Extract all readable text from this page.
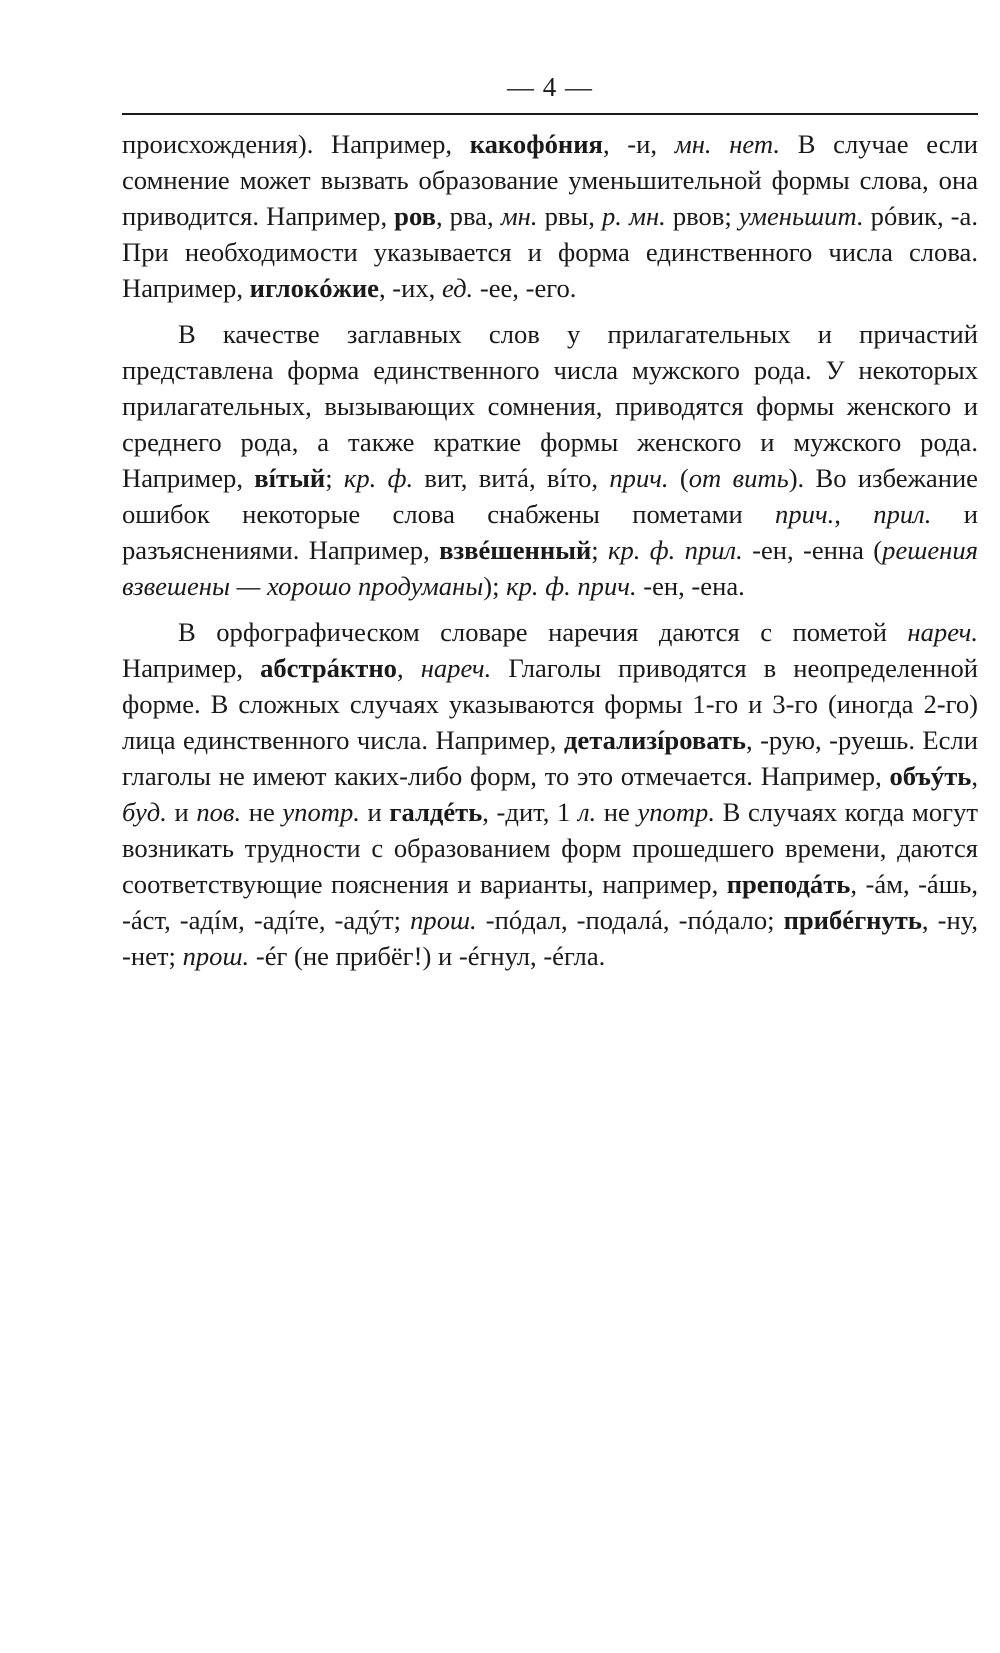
— 4 —

происхождения). Например, какофóния, -и, мн. нет. В случае если сомнение может вызвать образование уменьшительной формы слова, она приводится. Например, ров, рва, мн. рвы, р. мн. рвов; уменьшит. рóвик, -а. При необходимости указывается и форма единственного числа слова. Например, иглокóжие, -их, ед. -ее, -его.

В качестве заглавных слов у прилагательных и причастий представлена форма единственного числа мужского рода. У некоторых прилагательных, вызывающих сомнения, приводятся формы женского и среднего рода, а также краткие формы женского и мужского рода. Например, вíтый; кр. ф. вит, витá, вíто, прич. (от вить). Во избежание ошибок некоторые слова снабжены пометами прич., прил. и разъяснениями. Например, взвéшенный; кр. ф. прил. -ен, -енна (решения взвешены — хорошо продуманы); кр. ф. прич. -ен, -ена.

В орфографическом словаре наречия даются с пометой нареч. Например, абстрáктно, нареч. Глаголы приводятся в неопределенной форме. В сложных случаях указываются формы 1-го и 3-го (иногда 2-го) лица единственного числа. Например, детализíровать, -рую, -руешь. Если глаголы не имеют каких-либо форм, то это отмечается. Например, объýть, буд. и пов. не употр. и галдéть, -дит, 1 л. не употр. В случаях когда могут возникать трудности с образованием форм прошедшего времени, даются соответствующие пояснения и варианты, например, преподáть, -áм, -áшь, -áст, -адíм, -адíте, -адýт; прош. -пóдал, -подалá, -пóдало; прибéгнуть, -ну, -нет; прош. -éг (не прибёг!) и -éгнул, -éгла.
